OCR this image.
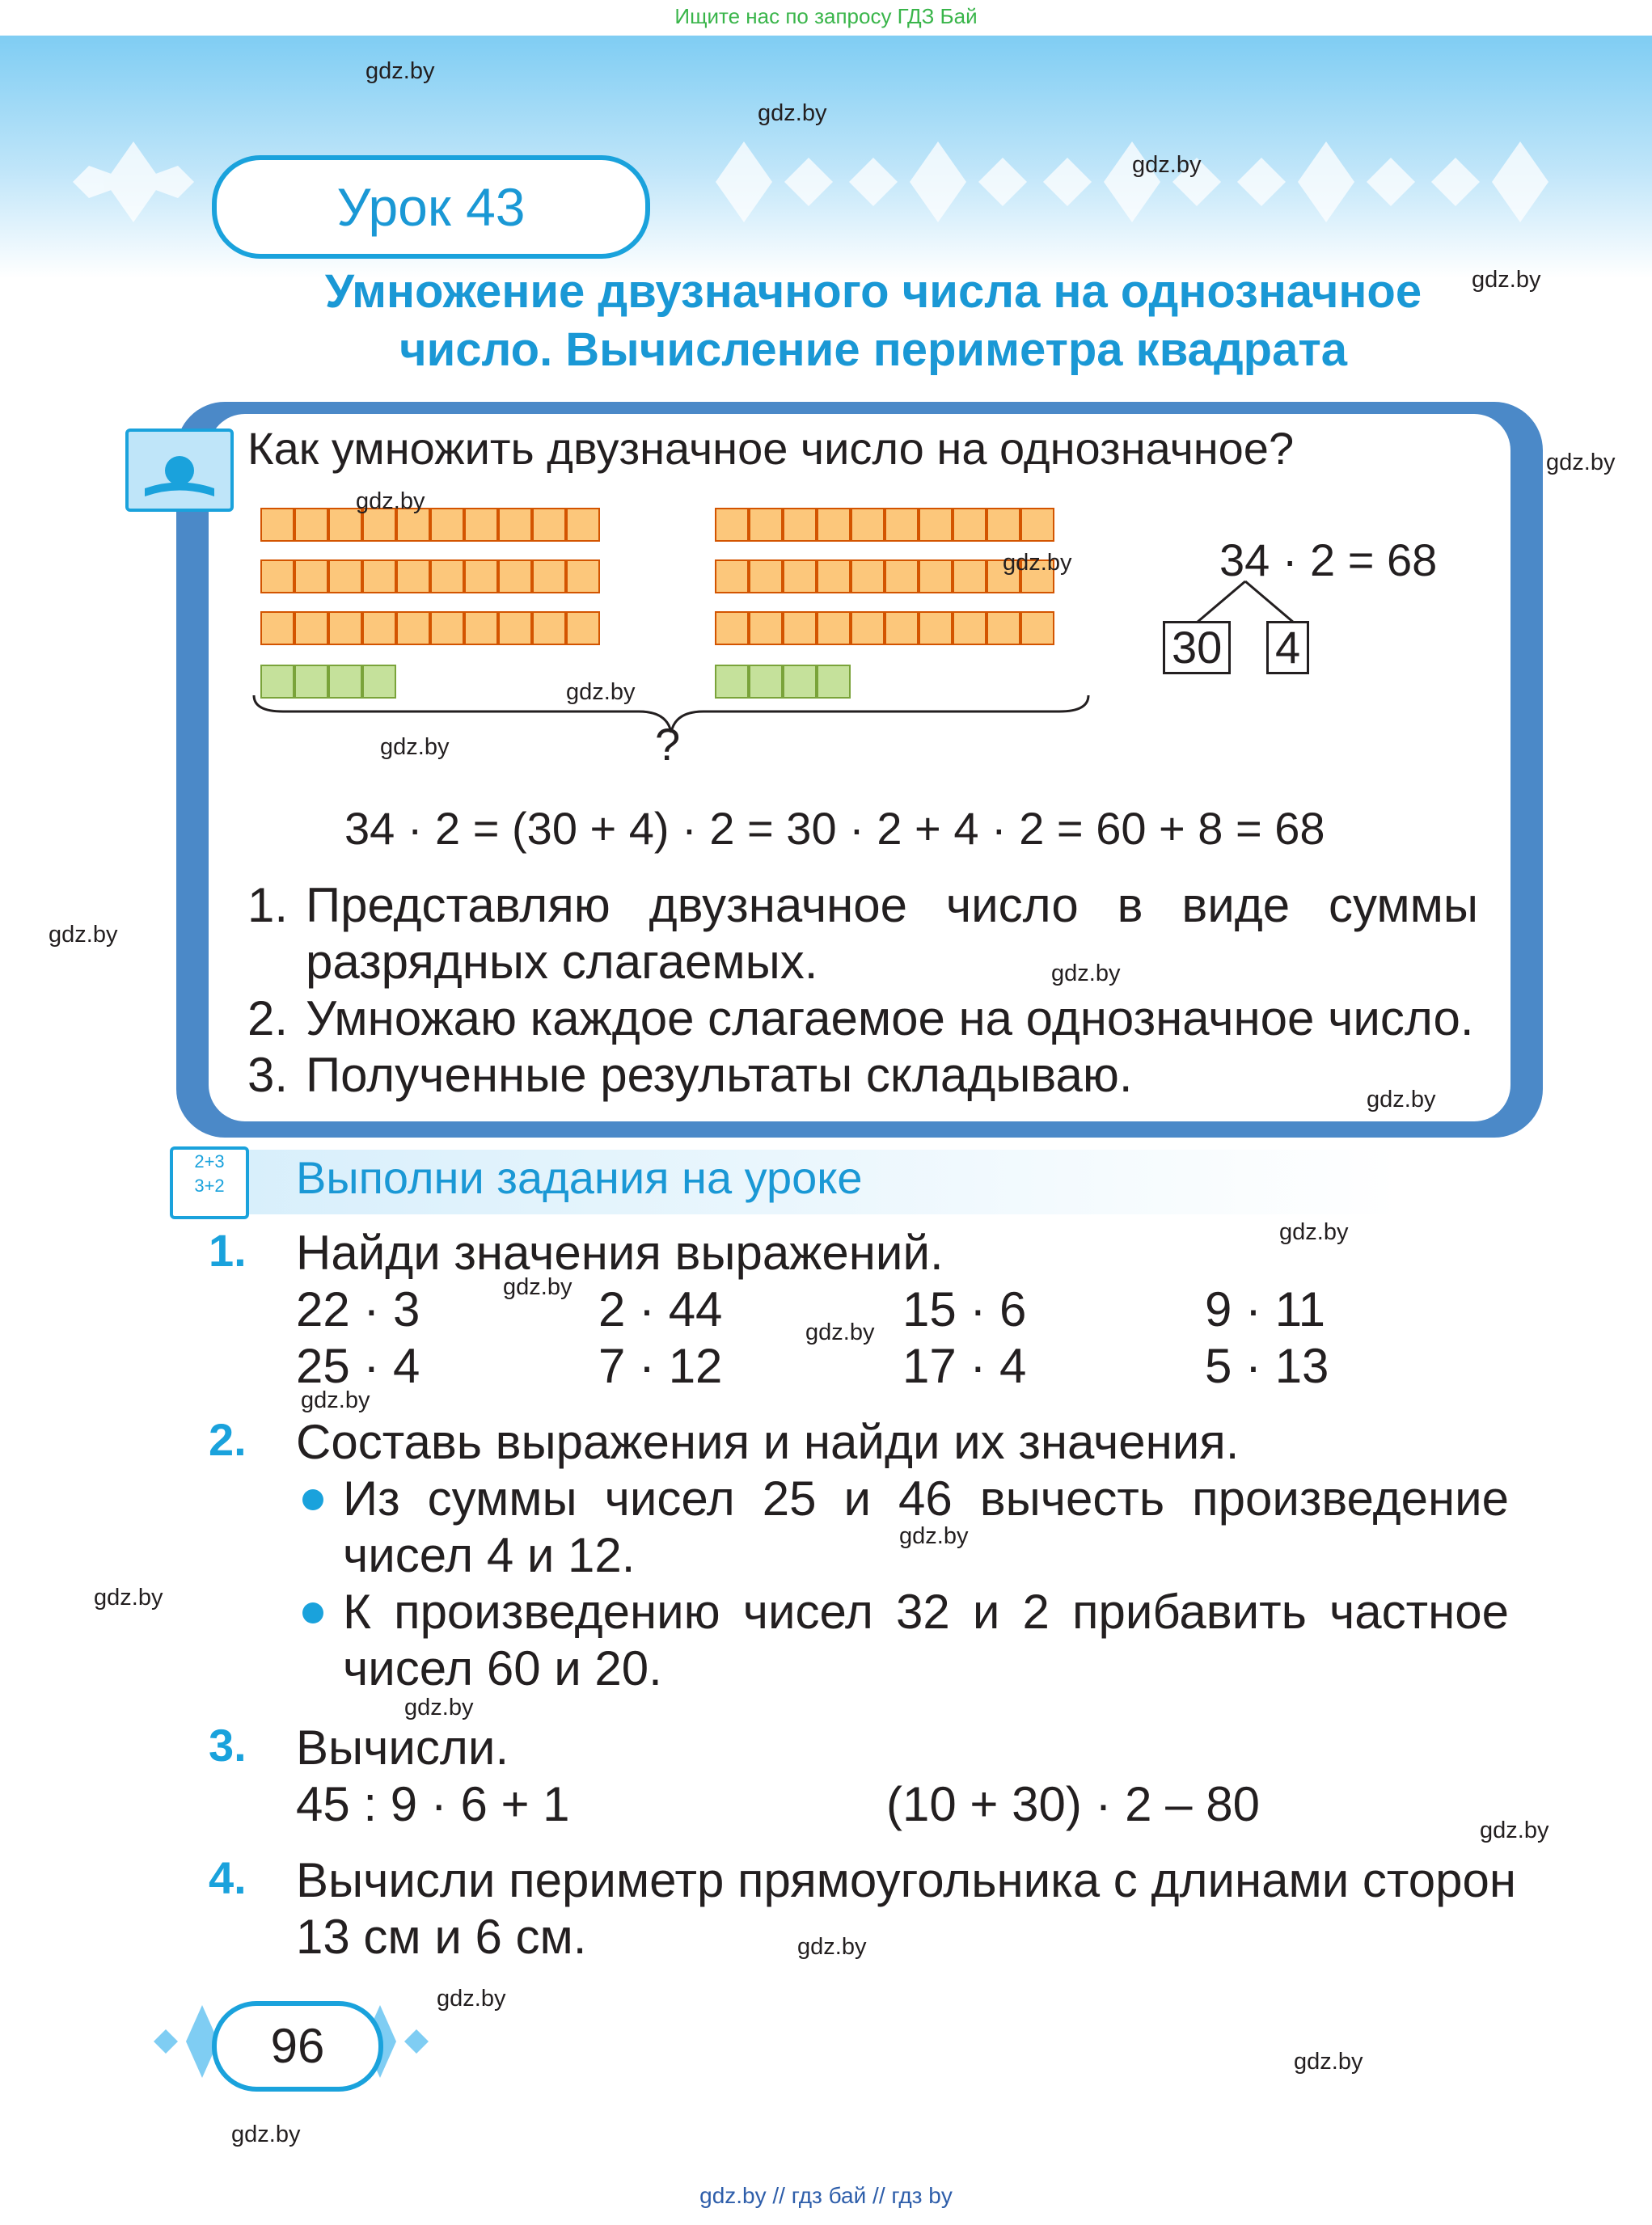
Ищите нас по запросу ГДЗ Бай
Урок 43
Умножение двузначного числа на однозначное
число. Вычисление периметра квадрата
Как умножить двузначное число на однозначное?
?
34 · 2 = 68
30 4
34 · 2 = (30 + 4) · 2 = 30 · 2 + 4 · 2 = 60 + 8 = 68
1. Представляю двузначное число в виде суммы
разрядных слагаемых.
2. Умножаю каждое слагаемое на однозначное число.
3. Полученные результаты складываю.
2+3
3+2	Выполни задания на уроке
1. Найди значения выражений.
22 · 3	2 · 44	15 · 6	9 · 11
25 · 4	7 · 12	17 · 4	5 · 13
2. Составь выражения и найди их значения.
Из суммы чисел 25 и 46 вычесть произведение
чисел 4 и 12.
К произведению чисел 32 и 2 прибавить частное
чисел 60 и 20.
3. Вычисли.
45 : 9 · 6 + 1	(10 + 30) · 2 – 80
4. Вычисли периметр прямоугольника с длинами сторон
13 см и 6 см.
96
gdz.by
gdz.by
gdz.by
gdz.by
gdz.by
gdz.by
gdz.by
gdz.by
gdz.by
gdz.by
gdz.by
gdz.by
gdz.by
gdz.by
gdz.by
gdz.by
gdz.by
gdz.by
gdz.by
gdz.by
gdz.by
gdz.by
gdz.by
gdz.by
gdz.by // гдз бай // гдз by
